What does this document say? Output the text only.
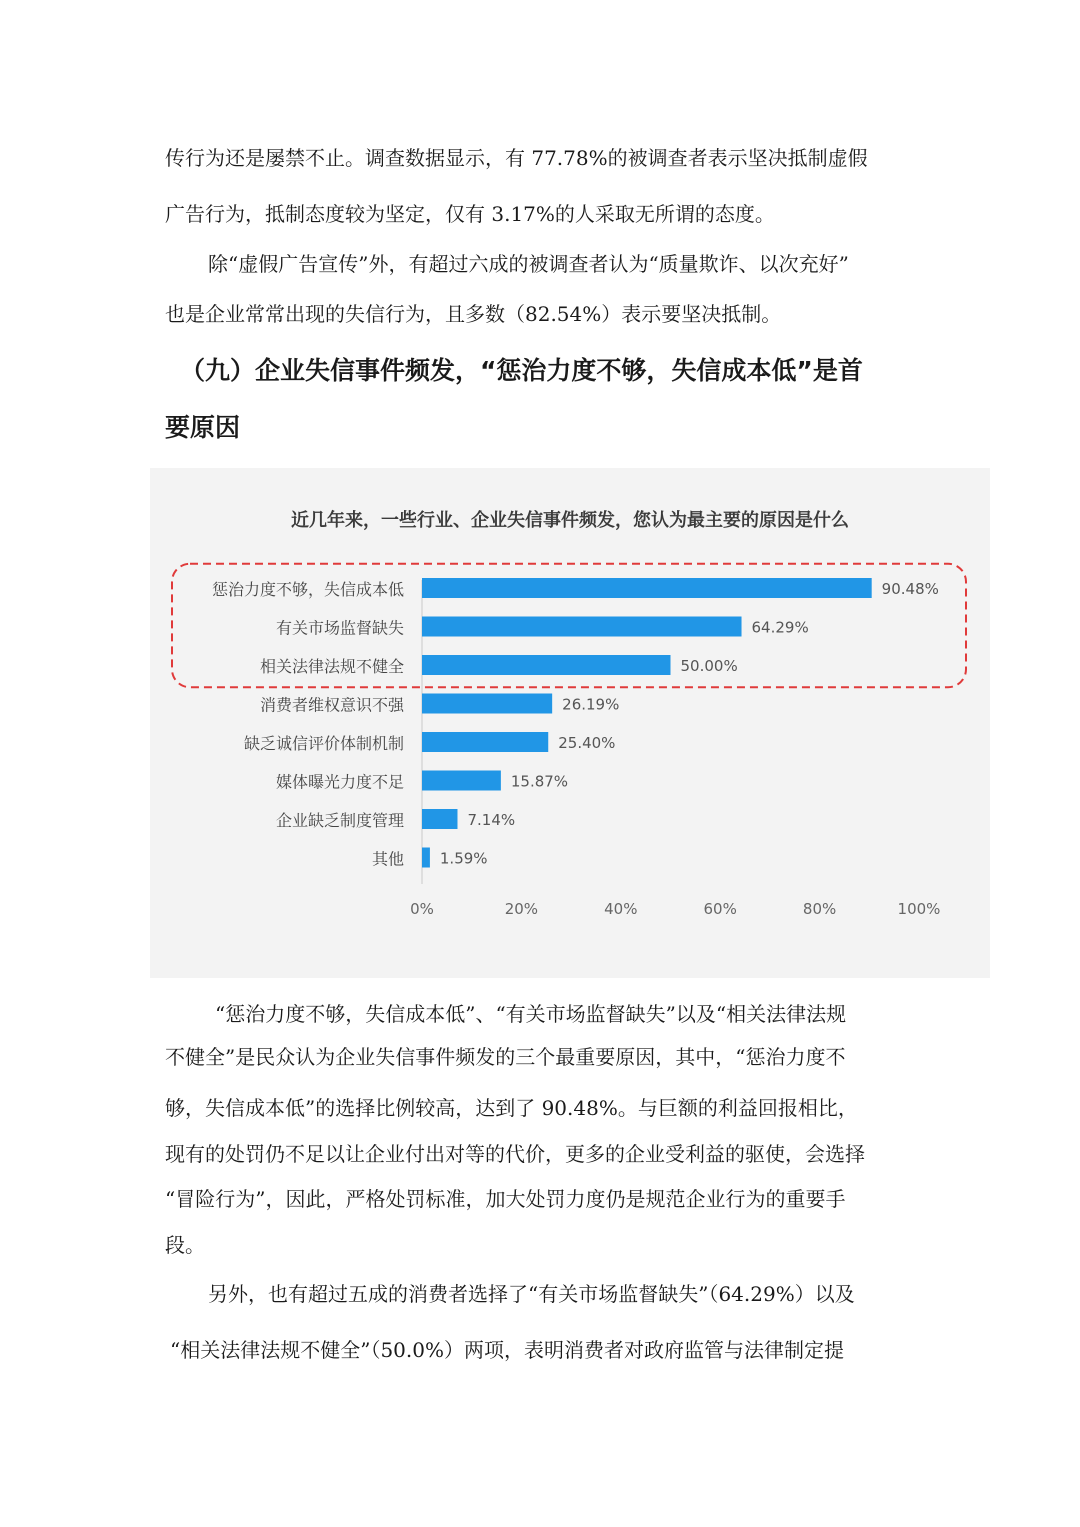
传行为还是屡禁不止。调查数据显示，有 77.78%的被调查者表示坚决抵制虚假
广告行为，抵制态度较为坚定，仅有 3.17%的人采取无所谓的态度。
除“虚假广告宣传”外，有超过六成的被调查者认为“质量欺诈、以次充好”
也是企业常常出现的失信行为，且多数（82.54%）表示要坚决抵制。
（九）企业失信事件频发，“惩治力度不够，失信成本低”是首
要原因
近几年来，一些行业、企业失信事件频发，您认为最主要的原因是什么
惩治力度不够，失信成本低	90.48%
有关市场监督缺失	64.29%
相关法律法规不健全	50.00%
消费者维权意识不强	26.19%
缺乏诚信评价体制机制	25.40%
媒体曝光力度不足	15.87%
企业缺乏制度管理	7.14%
其他 1.59%
0%	20%	40%	60%	80%	100%
“惩治力度不够，失信成本低”、“有关市场监督缺失”以及“相关法律法规
不健全”是民众认为企业失信事件频发的三个最重要原因，其中，“惩治力度不
够，失信成本低”的选择比例较高，达到了 90.48%。与巨额的利益回报相比，
现有的处罚仍不足以让企业付出对等的代价，更多的企业受利益的驱使，会选择
“冒险行为”，因此，严格处罚标准，加大处罚力度仍是规范企业行为的重要手
段。
另外，也有超过五成的消费者选择了“有关市场监督缺失”（64.29%）以及
“相关法律法规不健全”（50.0%）两项，表明消费者对政府监管与法律制定提
